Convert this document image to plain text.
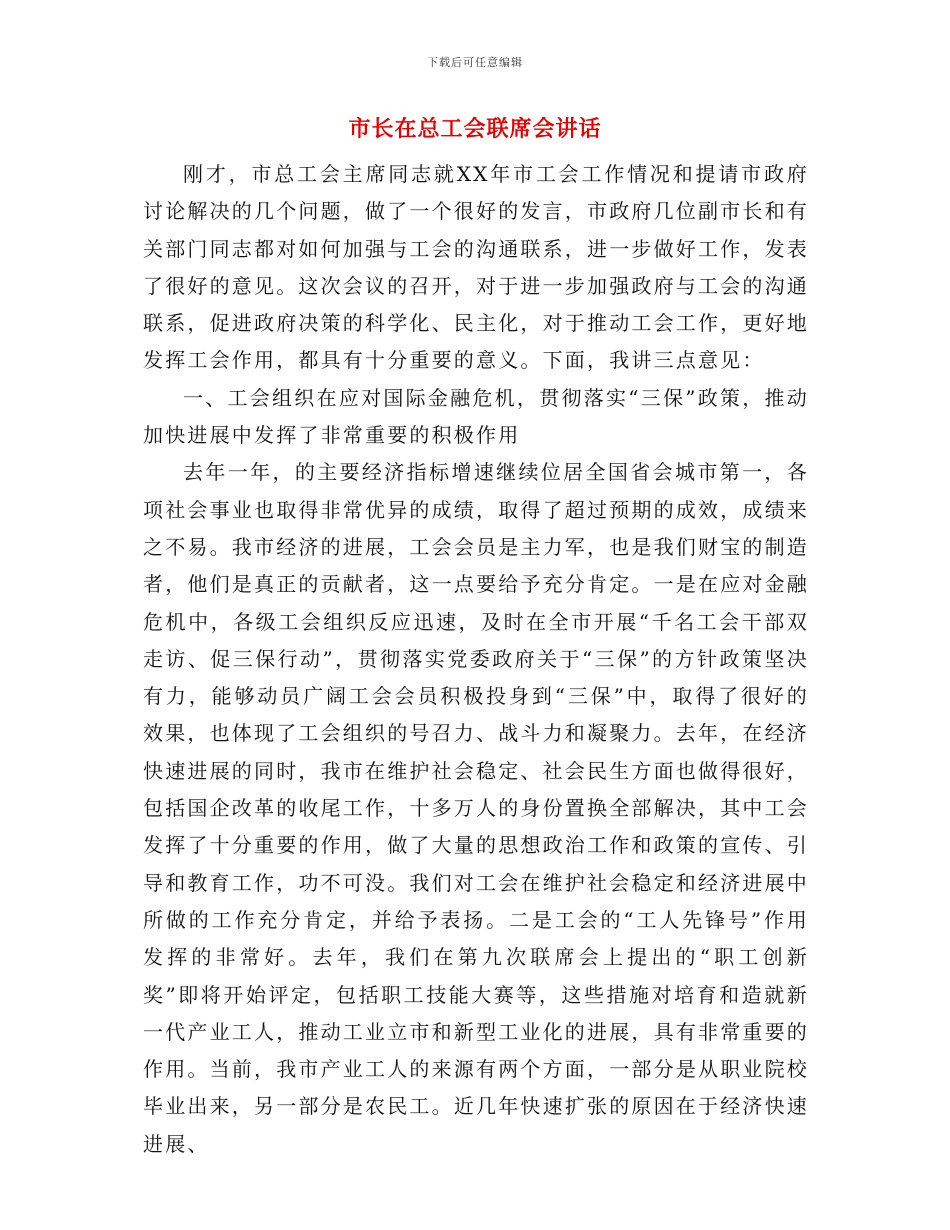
下载后可任意编辑
市长在总工会联席会讲话

刚才，市总工会主席同志就XX年市工会工作情况和提请市政府讨论解决的几个问题，做了一个很好的发言，市政府几位副市长和有关部门同志都对如何加强与工会的沟通联系，进一步做好工作，发表了很好的意见。这次会议的召开，对于进一步加强政府与工会的沟通联系，促进政府决策的科学化、民主化，对于推动工会工作，更好地发挥工会作用，都具有十分重要的意义。下面，我讲三点意见：

一、工会组织在应对国际金融危机，贯彻落实“三保”政策，推动加快进展中发挥了非常重要的积极作用

去年一年，的主要经济指标增速继续位居全国省会城市第一，各项社会事业也取得非常优异的成绩，取得了超过预期的成效，成绩来之不易。我市经济的进展，工会会员是主力军，也是我们财宝的制造者，他们是真正的贡献者，这一点要给予充分肯定。一是在应对金融危机中，各级工会组织反应迅速，及时在全市开展“千名工会干部双走访、促三保行动”，贯彻落实党委政府关于“三保”的方针政策坚决有力，能够动员广阔工会会员积极投身到“三保”中，取得了很好的效果，也体现了工会组织的号召力、战斗力和凝聚力。去年，在经济快速进展的同时，我市在维护社会稳定、社会民生方面也做得很好，包括国企改革的收尾工作，十多万人的身份置换全部解决，其中工会发挥了十分重要的作用，做了大量的思想政治工作和政策的宣传、引导和教育工作，功不可没。我们对工会在维护社会稳定和经济进展中所做的工作充分肯定，并给予表扬。二是工会的“工人先锋号”作用发挥的非常好。去年，我们在第九次联席会上提出的“职工创新奖”即将开始评定，包括职工技能大赛等，这些措施对培育和造就新一代产业工人，推动工业立市和新型工业化的进展，具有非常重要的作用。当前，我市产业工人的来源有两个方面，一部分是从职业院校毕业出来，另一部分是农民工。近几年快速扩张的原因在于经济快速进展、
